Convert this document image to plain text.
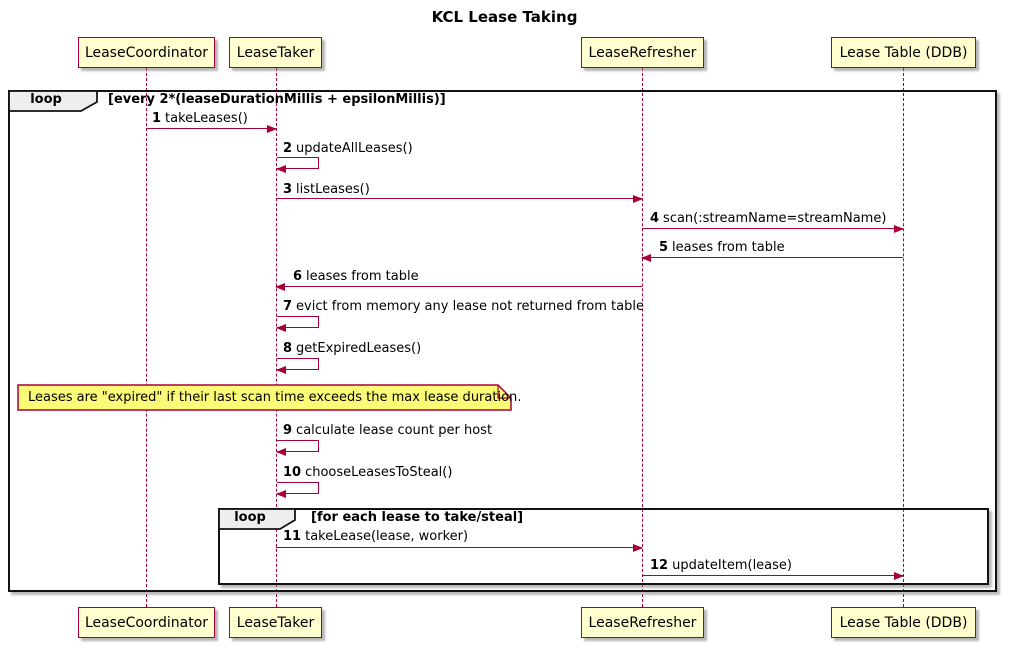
KCL Lease Taking
loop	[every 2*(leaseDurationMillis + epsilonMillis)]
1 takeLeases()
2 updateAllLeases()
3 listLeases()
4 scan(:streamName=streamName)
5 leases from table
6 leases from table
7 evict from memory any lease not returned from table
8 getExpiredLeases()
Leases are "expired" if their last scan time exceeds the max lease duration.
9 calculate lease count per host
10 chooseLeasesToSteal()
loop	[for each lease to take/steal]
11 takeLease(lease, worker)
12 updateItem(lease)
LeaseCoordinator	LeaseTaker	LeaseRefresher	Lease Table (DDB)
LeaseCoordinator	LeaseTaker	LeaseRefresher	Lease Table (DDB)
